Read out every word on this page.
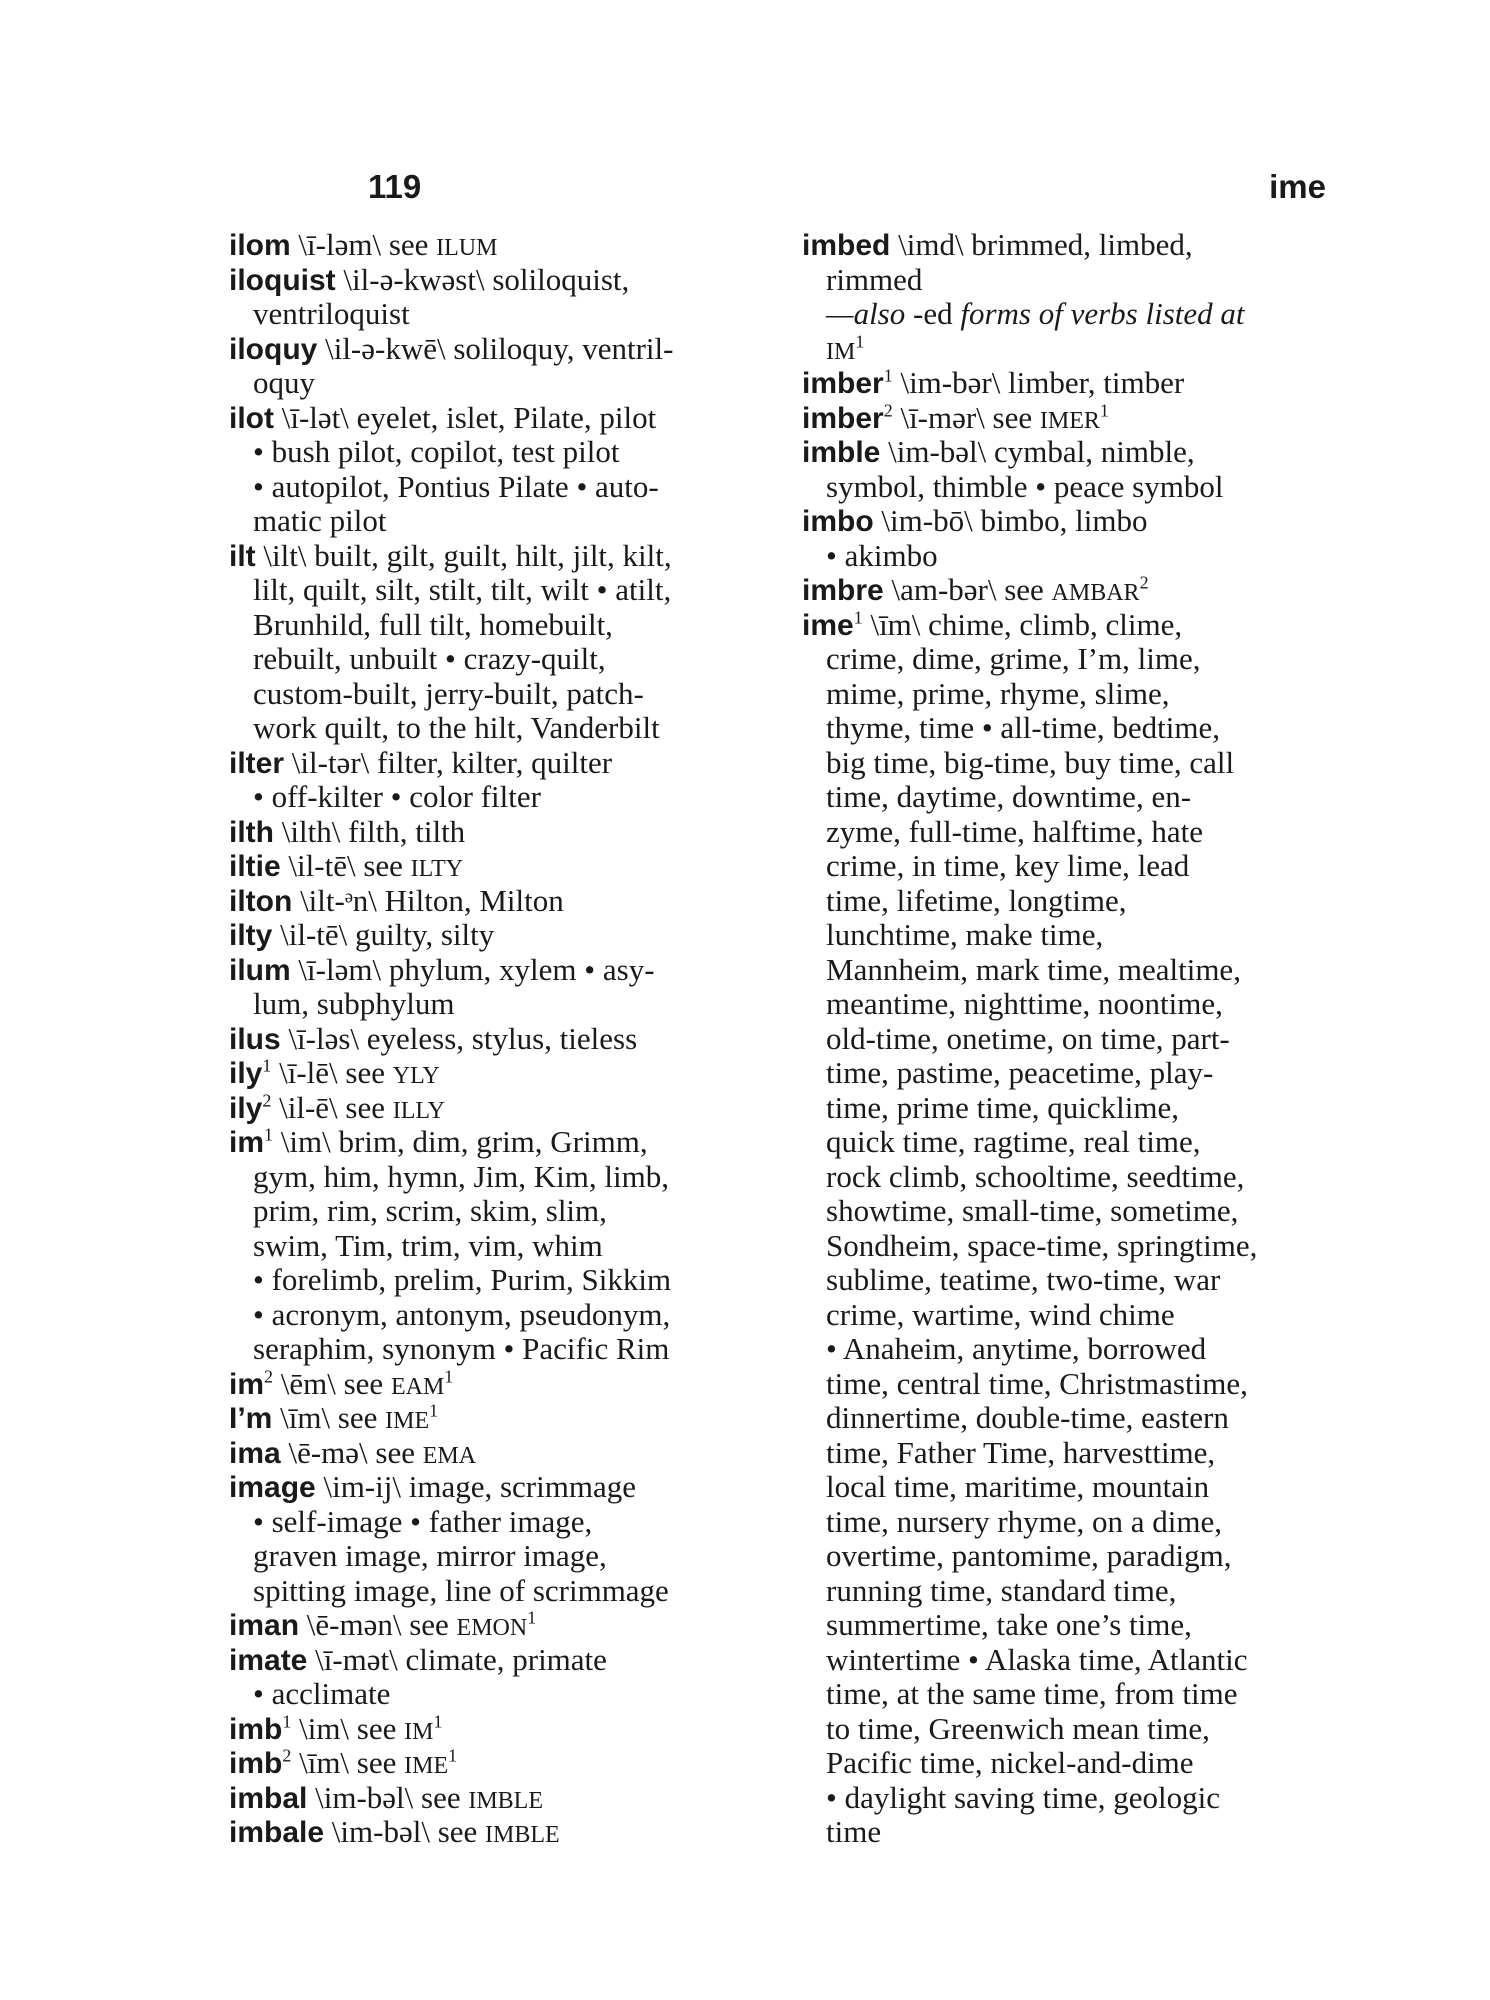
119	ime
ilom \ī-ləm\ see ILUM
iloquist \il-ə-kwəst\ soliloquist,
ventriloquist
iloquy \il-ə-kwē\ soliloquy, ventril-
oquy
ilot \ī-lət\ eyelet, islet, Pilate, pilot
• bush pilot, copilot, test pilot
• autopilot, Pontius Pilate • auto-
matic pilot
ilt \ilt\ built, gilt, guilt, hilt, jilt, kilt,
lilt, quilt, silt, stilt, tilt, wilt • atilt,
Brunhild, full tilt, homebuilt,
rebuilt, unbuilt • crazy-quilt,
custom-built, jerry-built, patch-
work quilt, to the hilt, Vanderbilt
ilter \il-tər\ filter, kilter, quilter
• off-kilter • color filter
ilth \ilth\ filth, tilth
iltie \il-tē\ see ILTY
ilton \ilt-ᵊn\ Hilton, Milton
ilty \il-tē\ guilty, silty
ilum \ī-ləm\ phylum, xylem • asy-
lum, subphylum
ilus \ī-ləs\ eyeless, stylus, tieless
ily$^1$ \ī-lē\ see YLY
ily$^2$ \il-ē\ see ILLY
$im^1$ \im\ brim, dim, grim, Grimm,
gym, him, hymn, Jim, Kim, limb,
prim, rim, scrim, skim, slim,
swim, Tim, trim, vim, whim
• forelimb, prelim, Purim, Sikkim
• acronym, antonym, pseudonym,
seraphim, synonym • Pacific Rim
$im^2$ \ēm\ see EAM$^1$
I’m \īm\ see IME$^1$
ima \ē-mə\ see EMA
image \im-ij\ image, scrimmage
• self-image • father image,
graven image, mirror image,
spitting image, line of scrimmage
iman \ē-mən\ see EMON$^1$
imate \ī-mət\ climate, primate
• acclimate
imb$^1$ \im\ see $IM^1$
imb$^2$ \īm\ see IME$^1$
imbal \im-bəl\ see IMBLE
imbale \im-bəl\ see IMBLE
imbed \imd\ brimmed, limbed,
rimmed
—also -ed forms of verbs listed at
$IM^1$
imber$^1$ \im-bər\ limber, timber
imber$^2$ \ī-mər\ see IMER$^1$
imble \im-bəl\ cymbal, nimble,
symbol, thimble • peace symbol
imbo \im-bō\ bimbo, limbo
• akimbo
imbre \am-bər\ see AMBAR$^2$
ime$^1$ \īm\ chime, climb, clime,
crime, dime, grime, I’m, lime,
mime, prime, rhyme, slime,
thyme, time • all-time, bedtime,
big time, big-time, buy time, call
time, daytime, downtime, en-
zyme, full-time, halftime, hate
crime, in time, key lime, lead
time, lifetime, longtime,
lunchtime, make time,
Mannheim, mark time, mealtime,
meantime, nighttime, noontime,
old-time, onetime, on time, part-
time, pastime, peacetime, play-
time, prime time, quicklime,
quick time, ragtime, real time,
rock climb, schooltime, seedtime,
showtime, small-time, sometime,
Sondheim, space-time, springtime,
sublime, teatime, two-time, war
crime, wartime, wind chime
• Anaheim, anytime, borrowed
time, central time, Christmastime,
dinnertime, double-time, eastern
time, Father Time, harvesttime,
local time, maritime, mountain
time, nursery rhyme, on a dime,
overtime, pantomime, paradigm,
running time, standard time,
summertime, take one’s time,
wintertime • Alaska time, Atlantic
time, at the same time, from time
to time, Greenwich mean time,
Pacific time, nickel-and-dime
• daylight saving time, geologic
time
